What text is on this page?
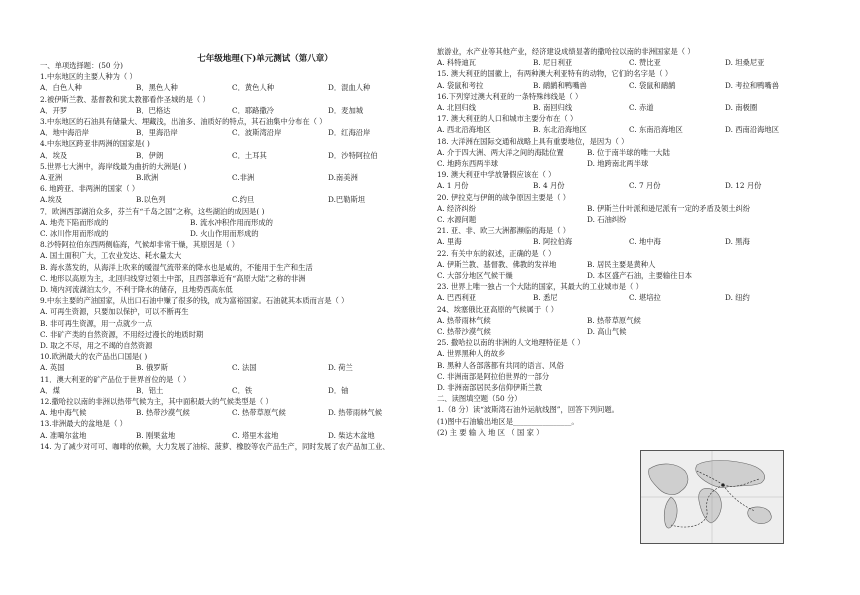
七年级地理(下)单元测试（第八章）
一、单项选择题：(50 分)
1.中东地区的主要人种为（ ）
A．白色人种	B．黑色人种	C．黄色人种	D．混血人种
2.被伊斯兰教、基督教和犹太教都看作圣城的是（ ）
A．开罗	B．巴格达	C．耶路撒冷	D．麦加城
3.中东地区的石油具有储量大、埋藏浅，出油多、油质好的特点，其石油集中分布在（ ）
A．地中海沿岸	B．里海沿岸	C．波斯湾沿岸	D．红海沿岸
4.中东地区跨亚非两洲的国家是( )
A．埃及	B．伊朗	C．土耳其	D．沙特阿拉伯
5.世界七大洲中，海岸线最为曲折的大洲是( )
A.亚洲	B.欧洲	C.非洲	D.南美洲
6. 地跨亚、非两洲的国家（ ）
A.埃及	B.以色列	C.约旦	D.巴勒斯坦
7．欧洲西部湖泊众多，芬兰有“千岛之国”之称，这些湖泊的成因是( )
A. 地壳下陷而形成的	B. 流水冲积作用而形成的
C. 冰川作用而形成的	D. 火山作用而形成的
8.沙特阿拉伯东西两侧临海，气候却非常干燥，其原因是（ ）
A. 国土面积广大，工农业发达、耗水量太大
B. 海水蒸发的，从海洋上吹来的暖湿气流带来的降水也是咸的，不能用于生产和生活
C. 地形以高原为主，北回归线穿过领土中部，且西部靠近有“高原大陆”之称的非洲
D. 境内河流湖泊太少，不利于降水的储存，且地势西高东低
9.中东主要的产油国家，从出口石油中赚了很多的钱，成为富裕国家。石油就其本质而言是（ ）
A. 可再生资源，只要加以保护，可以不断再生
B. 非可再生资源，用一点就少一点
C. 非矿产类的自然资源，不用经过漫长的地质时期
D. 取之不尽，用之不竭的自然资源
10.欧洲最大的农产品出口国是( )
A. 英国	B. 俄罗斯	C. 法国	D. 荷兰
11．澳大利亚的矿产品位于世界首位的是（ ）
A．煤	B．铝土	C．铁	D．铀
12.撒哈拉以南的非洲以热带气候为主，其中面积最大的气候类型是（ ）
A. 地中海气候	B. 热带沙漠气候	C. 热带草原气候	D. 热带雨林气候
13.非洲最大的盆地是（ ）
A. 准噶尔盆地	B. 刚果盆地	C. 塔里木盆地	D. 柴达木盆地
14. 为了减少对可可、咖啡的依赖，大力发展了油棕、菠萝、橡胶等农产品生产，同时发展了农产品加工业、
旅游业，水产业等其他产业，经济建设成绩显著的撒哈拉以南的非洲国家是（ ）
A. 科特迪瓦	B. 尼日利亚	C. 赞比亚	D. 坦桑尼亚
15. 澳大利亚的国徽上，有两种澳大利亚特有的动物，它们的名字是（ ）
A. 袋鼠和考拉	B. 鸸鹋和鸭嘴兽	C. 袋鼠和鸸鹋	D. 考拉和鸭嘴兽
16.下列穿过澳大利亚的一条特殊纬线是（ ）
A. 北回归线	B. 南回归线	C. 赤道	D. 南极圈
17. 澳大利亚的人口和城市主要分布在（ ）
A. 西北沿海地区	B. 东北沿海地区	C. 东南沿海地区	D. 西南沿海地区
18. 大洋洲在国际交通和战略上具有重要地位，是因为（ ）
A. 介于四大洲、两大洋之间的海陆位置	B. 位于南半球的唯一大陆
C. 地跨东西两半球	D. 地跨南北两半球
19. 澳大利亚中学放暑假应该在（ ）
A. 1 月份	B. 4 月份	C. 7 月份	D. 12 月份
20. 伊拉克与伊朗的战争原因主要是（ ）
A. 经济纠纷	B. 伊斯兰什叶派和逊尼派有一定的矛盾及领土纠纷
C. 水源问题	D. 石油纠纷
21. 亚、非、欧三大洲都濒临的海是（ ）
A. 里海	B. 阿拉伯海	C. 地中海	D. 黑海
22. 有关中东的叙述，正确的是（ ）
A. 伊斯兰教、基督教、佛教的发祥地	B. 居民主要是黄种人
C. 大部分地区气候干燥	D. 本区盛产石油，主要输往日本
23. 世界上唯一独占一个大陆的国家，其最大的工业城市是（ ）
A. 巴西利亚	B. 悉尼	C. 堪培拉	D. 纽约
24、埃塞俄比亚高原的气候属于（ ）
A. 热带雨林气候	B. 热带草原气候
C. 热带沙漠气候	D. 高山气候
25. 撒哈拉以南的非洲的人文地理特征是（ ）
A. 世界黑种人的故乡
B. 黑种人各部落都有共同的语言、风俗
C. 非洲南部是阿拉伯世界的一部分
D. 非洲南部居民多信仰伊斯兰教
二、读图填空题（50 分）
1.（8 分）读“波斯湾石油外运航线图”，回答下列问题。
(1)图中石油输出地区是________________。
(2) 主 要 输 入 地 区 （ 国 家 ）
